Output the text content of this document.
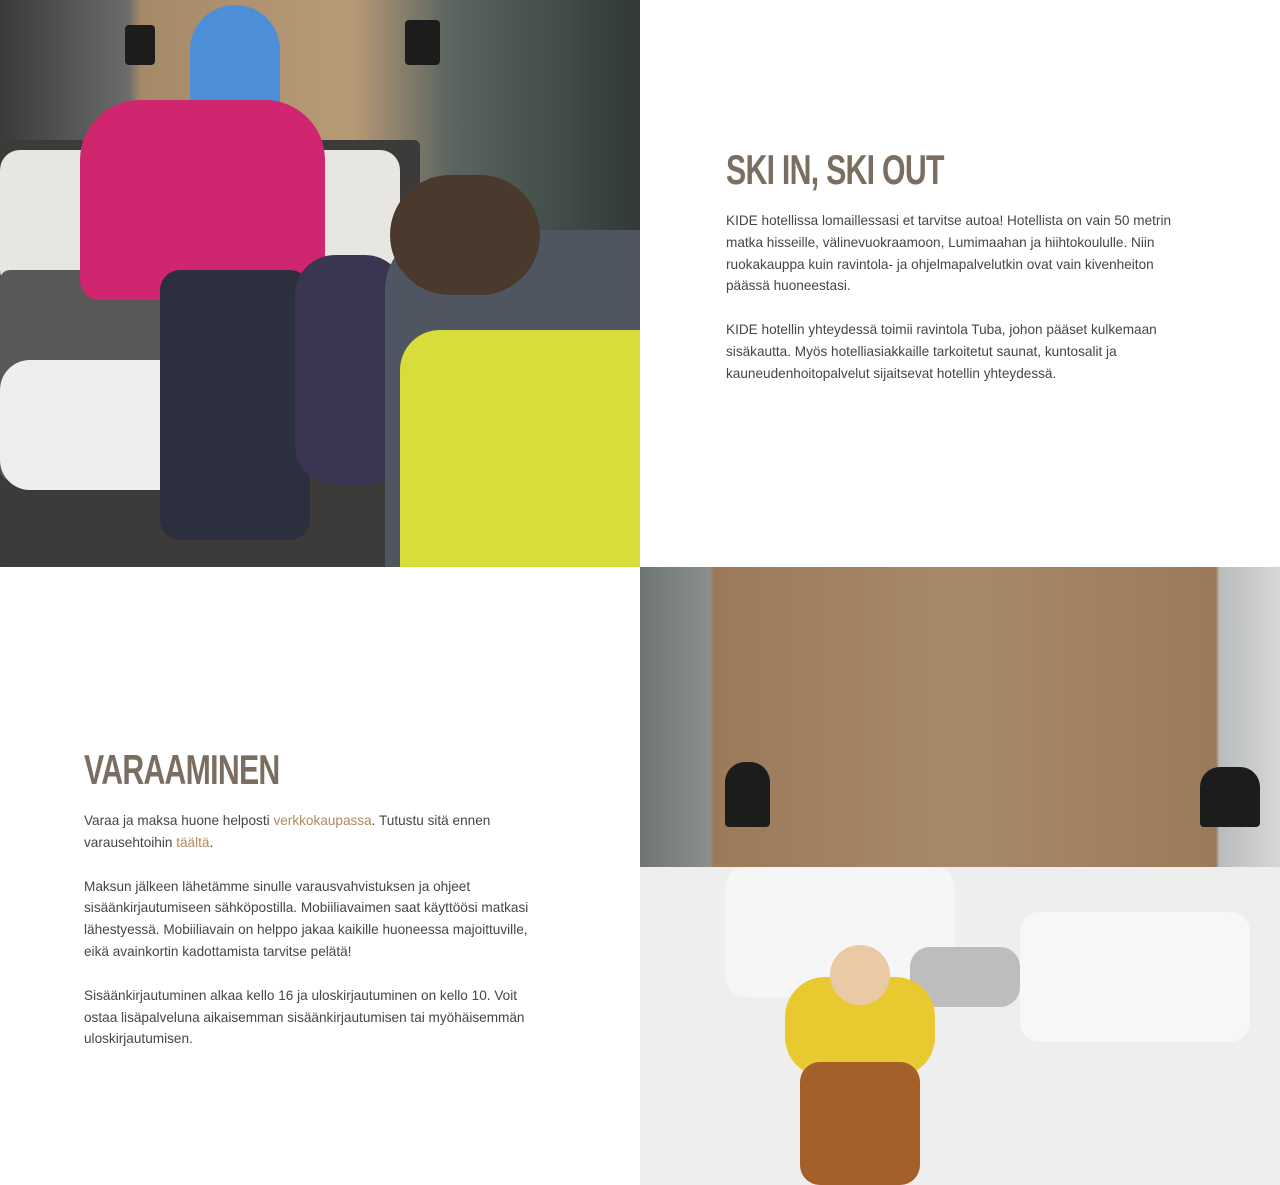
SKI IN, SKI OUT

KIDE hotellissa lomaillessasi et tarvitse autoa! Hotellista on vain 50 metrin matka hisseille, välinevuokraamoon, Lumimaahan ja hiihtokoululle. Niin ruokakauppa kuin ravintola- ja ohjelmapalvelutkin ovat vain kivenheiton päässä huoneestasi.

KIDE hotellin yhteydessä toimii ravintola Tuba, johon pääset kulkemaan sisäkautta. Myös hotelliasiakkaille tarkoitetut saunat, kuntosalit ja kauneudenhoitopalvelut sijaitsevat hotellin yhteydessä.

VARAAMINEN

Varaa ja maksa huone helposti verkkokaupassa. Tutustu sitä ennen varausehtoihin täältä.

Maksun jälkeen lähetämme sinulle varausvahvistuksen ja ohjeet sisäänkirjautumiseen sähköpostilla. Mobiiliavaimen saat käyttöösi matkasi lähestyessä. Mobiiliavain on helppo jakaa kaikille huoneessa majoittuville, eikä avainkortin kadottamista tarvitse pelätä!

Sisäänkirjautuminen alkaa kello 16 ja uloskirjautuminen on kello 10. Voit ostaa lisäpalveluna aikaisemman sisäänkirjautumisen tai myöhäisemmän uloskirjautumisen.
